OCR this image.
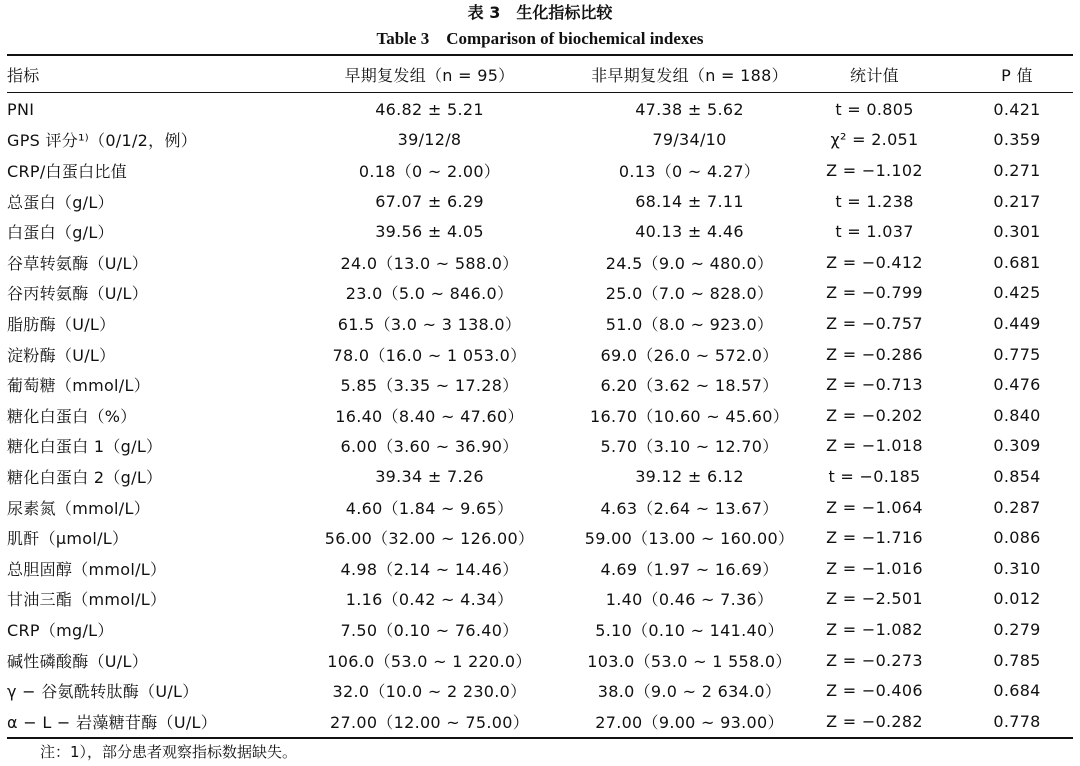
表 3　生化指标比较
Table 3　Comparison of biochemical indexes
指标	早期复发组（n = 95）	非早期复发组（n = 188）	统计值	P 值
PNI	46.82 ± 5.21	47.38 ± 5.62	t = 0.805	0.421
GPS 评分¹⁾（0/1/2，例）	39/12/8	79/34/10	χ² = 2.051	0.359
CRP/白蛋白比值	0.18（0 ~ 2.00）	0.13（0 ~ 4.27）	Z = −1.102	0.271
总蛋白（g/L）	67.07 ± 6.29	68.14 ± 7.11	t = 1.238	0.217
白蛋白（g/L）	39.56 ± 4.05	40.13 ± 4.46	t = 1.037	0.301
谷草转氨酶（U/L）	24.0（13.0 ~ 588.0）	24.5（9.0 ~ 480.0）	Z = −0.412	0.681
谷丙转氨酶（U/L）	23.0（5.0 ~ 846.0）	25.0（7.0 ~ 828.0）	Z = −0.799	0.425
脂肪酶（U/L）	61.5（3.0 ~ 3 138.0）	51.0（8.0 ~ 923.0）	Z = −0.757	0.449
淀粉酶（U/L）	78.0（16.0 ~ 1 053.0）	69.0（26.0 ~ 572.0）	Z = −0.286	0.775
葡萄糖（mmol/L）	5.85（3.35 ~ 17.28）	6.20（3.62 ~ 18.57）	Z = −0.713	0.476
糖化白蛋白（%）	16.40（8.40 ~ 47.60）	16.70（10.60 ~ 45.60）	Z = −0.202	0.840
糖化白蛋白 1（g/L）	6.00（3.60 ~ 36.90）	5.70（3.10 ~ 12.70）	Z = −1.018	0.309
糖化白蛋白 2（g/L）	39.34 ± 7.26	39.12 ± 6.12	t = −0.185	0.854
尿素氮（mmol/L）	4.60（1.84 ~ 9.65）	4.63（2.64 ~ 13.67）	Z = −1.064	0.287
肌酐（μmol/L）	56.00（32.00 ~ 126.00）	59.00（13.00 ~ 160.00）	Z = −1.716	0.086
总胆固醇（mmol/L）	4.98（2.14 ~ 14.46）	4.69（1.97 ~ 16.69）	Z = −1.016	0.310
甘油三酯（mmol/L）	1.16（0.42 ~ 4.34）	1.40（0.46 ~ 7.36）	Z = −2.501	0.012
CRP（mg/L）	7.50（0.10 ~ 76.40）	5.10（0.10 ~ 141.40）	Z = −1.082	0.279
碱性磷酸酶（U/L）	106.0（53.0 ~ 1 220.0）	103.0（53.0 ~ 1 558.0）	Z = −0.273	0.785
γ − 谷氨酰转肽酶（U/L）	32.0（10.0 ~ 2 230.0）	38.0（9.0 ~ 2 634.0）	Z = −0.406	0.684
α − L − 岩藻糖苷酶（U/L）	27.00（12.00 ~ 75.00）	27.00（9.00 ~ 93.00）	Z = −0.282	0.778
注：1），部分患者观察指标数据缺失。
